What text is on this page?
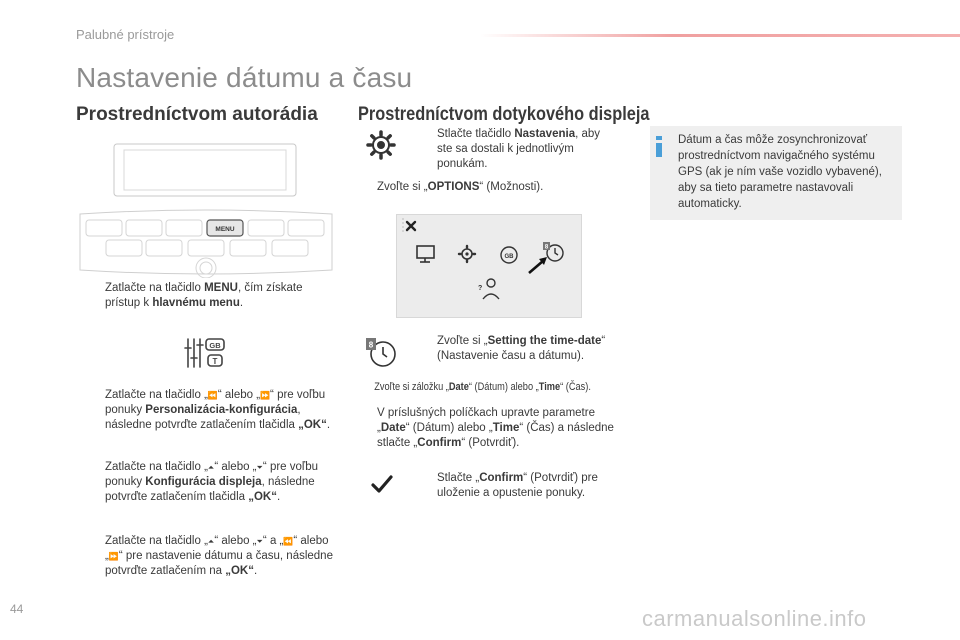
Palubné prístroje
Nastavenie dátumu a času
Prostredníctvom autorádia
MENU
Zatlačte na tlačidlo MENU, čím získate prístup k hlavnému menu.
GB
T
Zatlačte na tlačidlo „⏪“ alebo „⏩“ pre voľbu ponuky Personalizácia-konfigurácia, následne potvrďte zatlačením tlačidla „OK“.
Zatlačte na tlačidlo „⏶“ alebo „⏷“ pre voľbu ponuky Konfigurácia displeja, následne potvrďte zatlačením tlačidla „OK“.
Zatlačte na tlačidlo „⏶“ alebo „⏷“ a „⏪“ alebo „⏩“ pre nastavenie dátumu a času, následne potvrďte zatlačením na „OK“.
Prostredníctvom dotykového displeja
Stlačte tlačidlo Nastavenia, aby ste sa dostali k jednotlivým ponukám.
Zvoľte si „OPTIONS“ (Možnosti).
GB
8
?
8	Zvoľte si „Setting the time-date“ (Nastavenie času a dátumu).
Zvoľte si záložku „Date“ (Dátum) alebo „Time“ (Čas).
V príslušných políčkach upravte parametre „Date“ (Dátum) alebo „Time“ (Čas) a následne stlačte „Confirm“ (Potvrdiť).
Stlačte „Confirm“ (Potvrdiť) pre uloženie a opustenie ponuky.
Dátum a čas môže zosynchronizovať prostredníctvom navigačného systému GPS (ak je ním vaše vozidlo vybavené), aby sa tieto parametre nastavovali automaticky.
44	carmanualsonline.info
